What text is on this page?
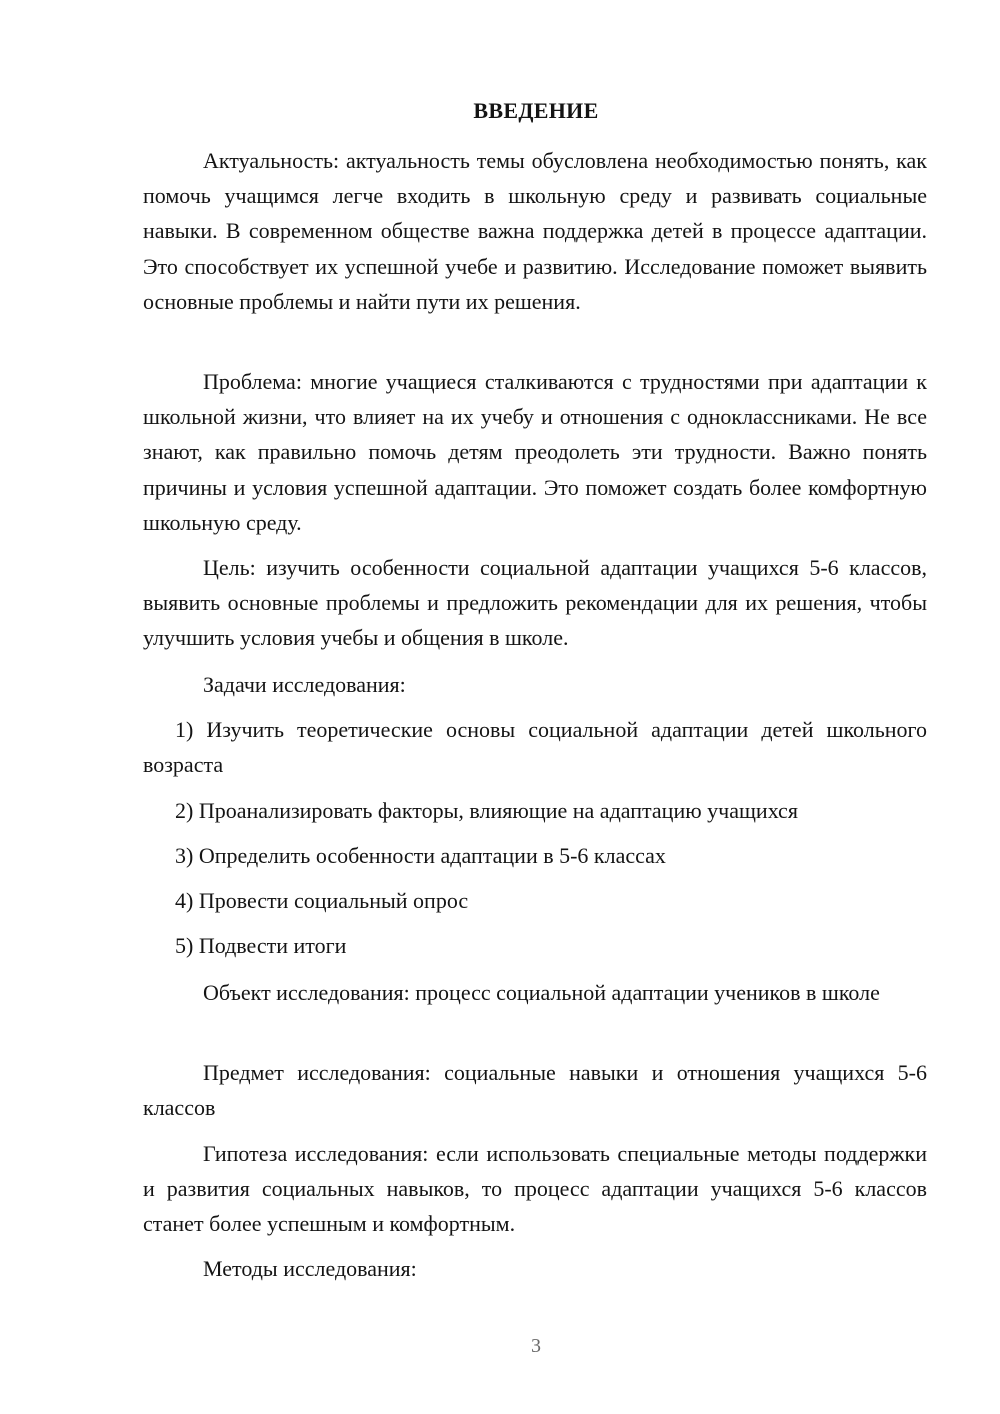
ВВЕДЕНИЕ

Актуальность: актуальность темы обусловлена необходимостью понять, как помочь учащимся легче входить в школьную среду и развивать социальные навыки. В современном обществе важна поддержка детей в процессе адаптации. Это способствует их успешной учебе и развитию. Исследование поможет выявить основные проблемы и найти пути их решения.

Проблема: многие учащиеся сталкиваются с трудностями при адаптации к школьной жизни, что влияет на их учебу и отношения с одноклассниками. Не все знают, как правильно помочь детям преодолеть эти трудности. Важно понять причины и условия успешной адаптации. Это поможет создать более комфортную школьную среду.

Цель: изучить особенности социальной адаптации учащихся 5-6 классов, выявить основные проблемы и предложить рекомендации для их решения, чтобы улучшить условия учебы и общения в школе.

Задачи исследования:

1) Изучить теоретические основы социальной адаптации детей школьного возраста

2) Проанализировать факторы, влияющие на адаптацию учащихся

3) Определить особенности адаптации в 5-6 классах

4) Провести социальный опрос

5) Подвести итоги

Объект исследования: процесс социальной адаптации учеников в школе

Предмет исследования: социальные навыки и отношения учащихся 5-6 классов

Гипотеза исследования: если использовать специальные методы поддержки и развития социальных навыков, то процесс адаптации учащихся 5-6 классов станет более успешным и комфортным.

Методы исследования:

3
